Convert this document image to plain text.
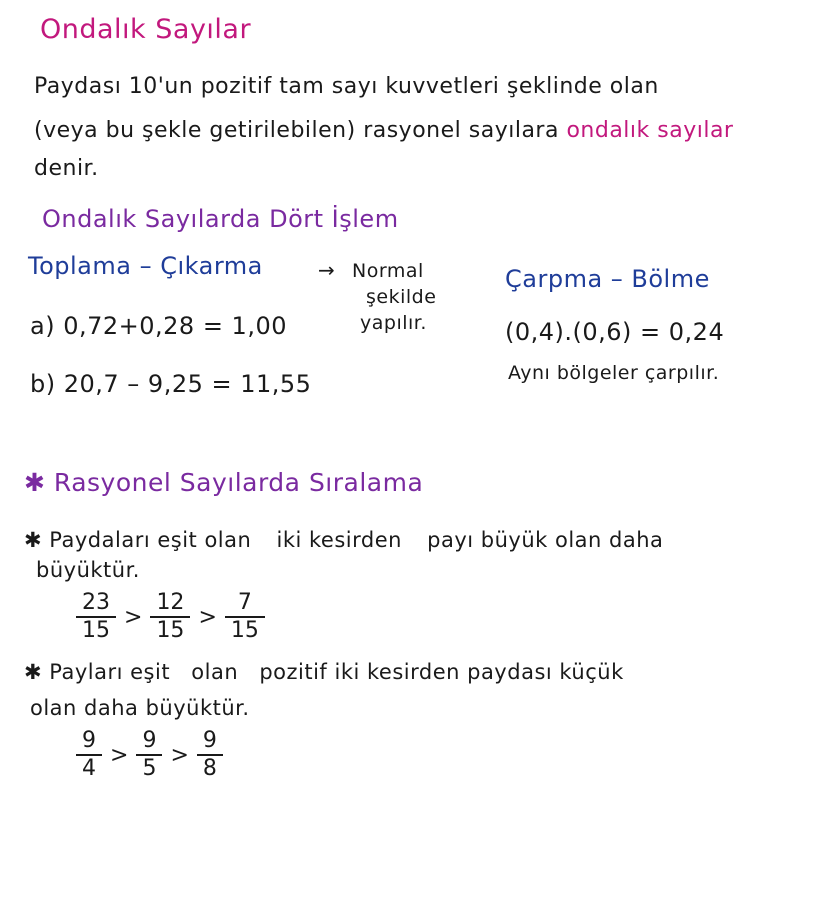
Ondalık Sayılar
Paydası 10'un pozitif tam sayı kuvvetleri şeklinde olan
(veya bu şekle getirilebilen) rasyonel sayılara ondalık sayılar
denir.
Ondalık Sayılarda Dört İşlem
Toplama – Çıkarma	→ Normal
şekilde
yapılır.
a) 0,72+0,28 = 1,00
b) 20,7 – 9,25 = 11,55
Çarpma – Bölme
(0,4).(0,6) = 0,24
Aynı bölgeler çarpılır.
✱ Rasyonel Sayılarda Sıralama
✱ Paydaları eşit olan iki kesirden payı büyük olan daha
büyüktür.
$\frac{23}{15} > \frac{12}{15} > \frac{7}{15}$
✱ Payları eşit olan pozitif iki kesirden paydası küçük
olan daha büyüktür.
$\frac{9}{4} > \frac{9}{5} > \frac{9}{8}$
